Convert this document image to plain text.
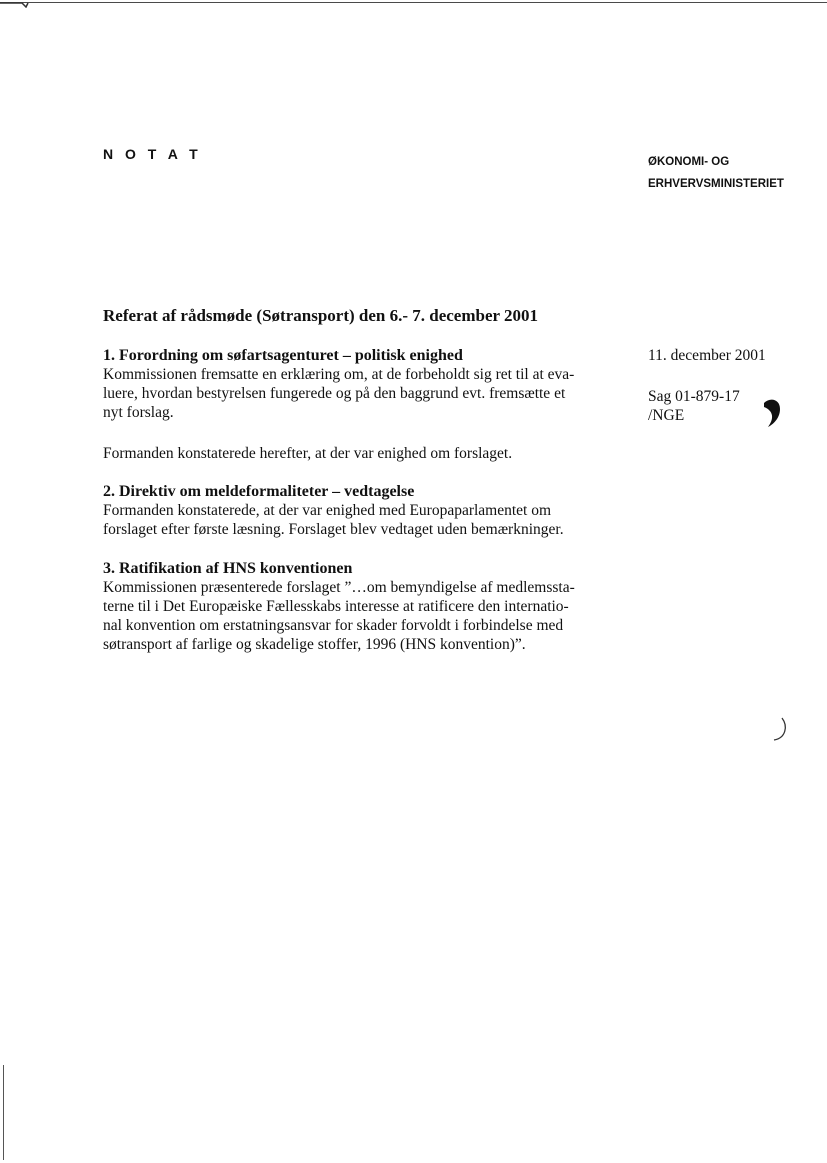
N O T A T	ØKONOMI- OG
ERHVERVSMINISTERIET
Referat af rådsmøde (Søtransport) den 6.- 7. december 2001
11. december 2001
Sag 01-879-17
/NGE
1. Forordning om søfartsagenturet – politisk enighed
Kommissionen fremsatte en erklæring om, at de forbeholdt sig ret til at eva-
luere, hvordan bestyrelsen fungerede og på den baggrund evt. fremsætte et
nyt forslag.
Formanden konstaterede herefter, at der var enighed om forslaget.
2. Direktiv om meldeformaliteter – vedtagelse
Formanden konstaterede, at der var enighed med Europaparlamentet om
forslaget efter første læsning. Forslaget blev vedtaget uden bemærkninger.
3. Ratifikation af HNS konventionen
Kommissionen præsenterede forslaget ”…om bemyndigelse af medlemssta-
terne til i Det Europæiske Fællesskabs interesse at ratificere den internatio-
nal konvention om erstatningsansvar for skader forvoldt i forbindelse med
søtransport af farlige og skadelige stoffer, 1996 (HNS konvention)”.
